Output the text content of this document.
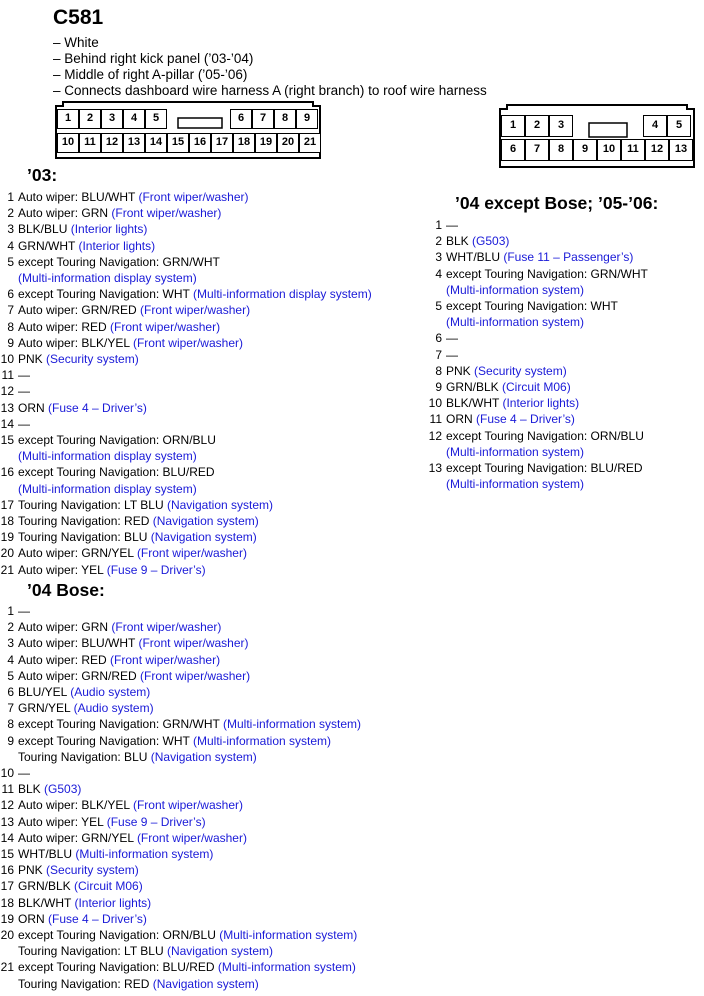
C581
– White
– Behind right kick panel (’03-’04)
– Middle of right A-pillar (’05-’06)
– Connects dashboard wire harness A (right branch) to roof wire harness
1	2	3	4	5	6	7	8	9
10 11 12 13 14 15 16 17 18 19 20 21
1	2	3	4	5
6	7	8	9	10	11	12	13
’03:
1 Auto wiper: BLU/WHT (Front wiper/washer)
2 Auto wiper: GRN (Front wiper/washer)
3 BLK/BLU (Interior lights)
4 GRN/WHT (Interior lights)
5 except Touring Navigation: GRN/WHT
(Multi-information display system)
6 except Touring Navigation: WHT (Multi-information display system)
7 Auto wiper: GRN/RED (Front wiper/washer)
8 Auto wiper: RED (Front wiper/washer)
9 Auto wiper: BLK/YEL (Front wiper/washer)
10 PNK (Security system)
11 —
12 —
13 ORN (Fuse 4 – Driver’s)
14 —
15 except Touring Navigation: ORN/BLU
(Multi-information display system)
16 except Touring Navigation: BLU/RED
(Multi-information display system)
17 Touring Navigation: LT BLU (Navigation system)
18 Touring Navigation: RED (Navigation system)
19 Touring Navigation: BLU (Navigation system)
20 Auto wiper: GRN/YEL (Front wiper/washer)
21 Auto wiper: YEL (Fuse 9 – Driver’s)
’04 Bose:
1 —
2 Auto wiper: GRN (Front wiper/washer)
3 Auto wiper: BLU/WHT (Front wiper/washer)
4 Auto wiper: RED (Front wiper/washer)
5 Auto wiper: GRN/RED (Front wiper/washer)
6 BLU/YEL (Audio system)
7 GRN/YEL (Audio system)
8 except Touring Navigation: GRN/WHT (Multi-information system)
9 except Touring Navigation: WHT (Multi-information system)
Touring Navigation: BLU (Navigation system)
10 —
11 BLK (G503)
12 Auto wiper: BLK/YEL (Front wiper/washer)
13 Auto wiper: YEL (Fuse 9 – Driver’s)
14 Auto wiper: GRN/YEL (Front wiper/washer)
15 WHT/BLU (Multi-information system)
16 PNK (Security system)
17 GRN/BLK (Circuit M06)
18 BLK/WHT (Interior lights)
19 ORN (Fuse 4 – Driver’s)
20 except Touring Navigation: ORN/BLU (Multi-information system)
Touring Navigation: LT BLU (Navigation system)
21 except Touring Navigation: BLU/RED (Multi-information system)
Touring Navigation: RED (Navigation system)
’04 except Bose; ’05-’06:
1 —
2 BLK (G503)
3 WHT/BLU (Fuse 11 – Passenger’s)
4 except Touring Navigation: GRN/WHT
(Multi-information system)
5 except Touring Navigation: WHT
(Multi-information system)
6 —
7 —
8 PNK (Security system)
9 GRN/BLK (Circuit M06)
10 BLK/WHT (Interior lights)
11 ORN (Fuse 4 – Driver’s)
12 except Touring Navigation: ORN/BLU
(Multi-information system)
13 except Touring Navigation: BLU/RED
(Multi-information system)
